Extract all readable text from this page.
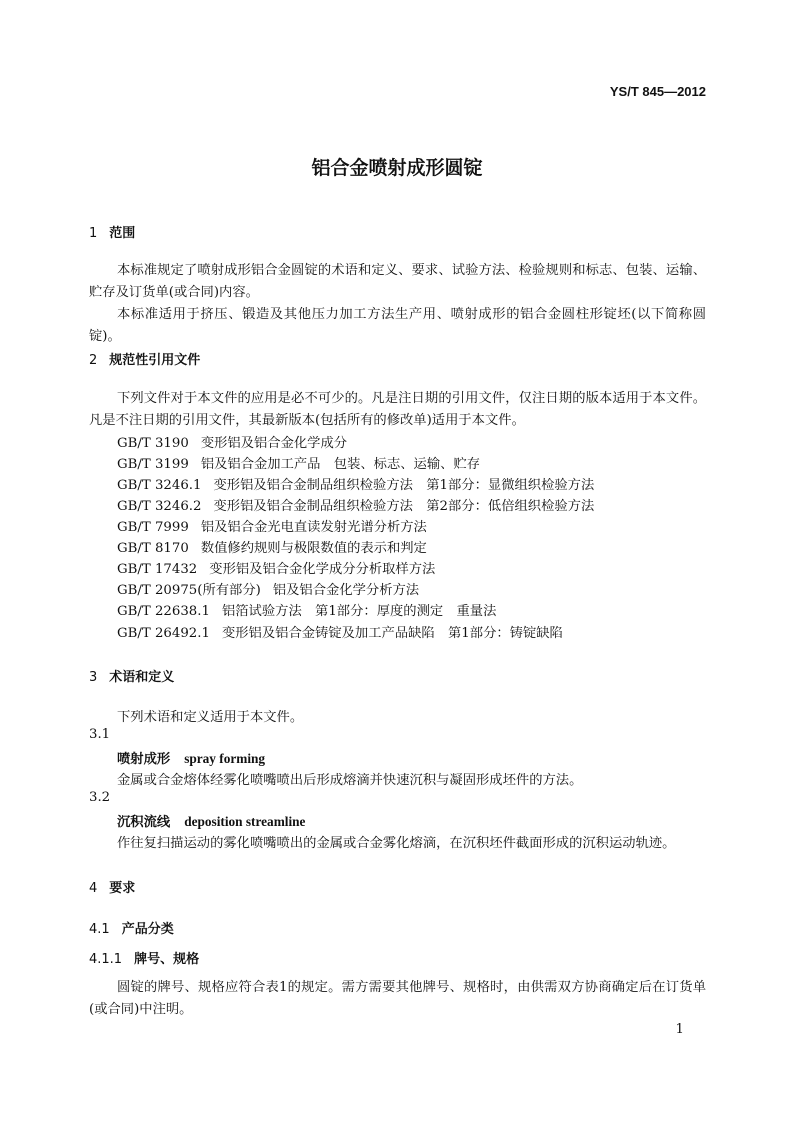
YS/T 845—2012
铝合金喷射成形圆锭
1 范围
本标准规定了喷射成形铝合金圆锭的术语和定义、要求、试验方法、检验规则和标志、包装、运输、贮存及订货单(或合同)内容。
本标准适用于挤压、锻造及其他压力加工方法生产用、喷射成形的铝合金圆柱形锭坯(以下简称圆锭)。
2 规范性引用文件
下列文件对于本文件的应用是必不可少的。凡是注日期的引用文件，仅注日期的版本适用于本文件。凡是不注日期的引用文件，其最新版本(包括所有的修改单)适用于本文件。
GB/T 3190 变形铝及铝合金化学成分
GB/T 3199 铝及铝合金加工产品　包装、标志、运输、贮存
GB/T 3246.1 变形铝及铝合金制品组织检验方法　第1部分：显微组织检验方法
GB/T 3246.2 变形铝及铝合金制品组织检验方法　第2部分：低倍组织检验方法
GB/T 7999 铝及铝合金光电直读发射光谱分析方法
GB/T 8170 数值修约规则与极限数值的表示和判定
GB/T 17432 变形铝及铝合金化学成分分析取样方法
GB/T 20975(所有部分) 铝及铝合金化学分析方法
GB/T 22638.1 铝箔试验方法　第1部分：厚度的测定　重量法
GB/T 26492.1 变形铝及铝合金铸锭及加工产品缺陷　第1部分：铸锭缺陷
3 术语和定义
下列术语和定义适用于本文件。
3.1
喷射成形 spray forming
金属或合金熔体经雾化喷嘴喷出后形成熔滴并快速沉积与凝固形成坯件的方法。
3.2
沉积流线 deposition streamline
作往复扫描运动的雾化喷嘴喷出的金属或合金雾化熔滴，在沉积坯件截面形成的沉积运动轨迹。
4 要求
4.1 产品分类
4.1.1 牌号、规格
圆锭的牌号、规格应符合表1的规定。需方需要其他牌号、规格时，由供需双方协商确定后在订货单(或合同)中注明。
1
